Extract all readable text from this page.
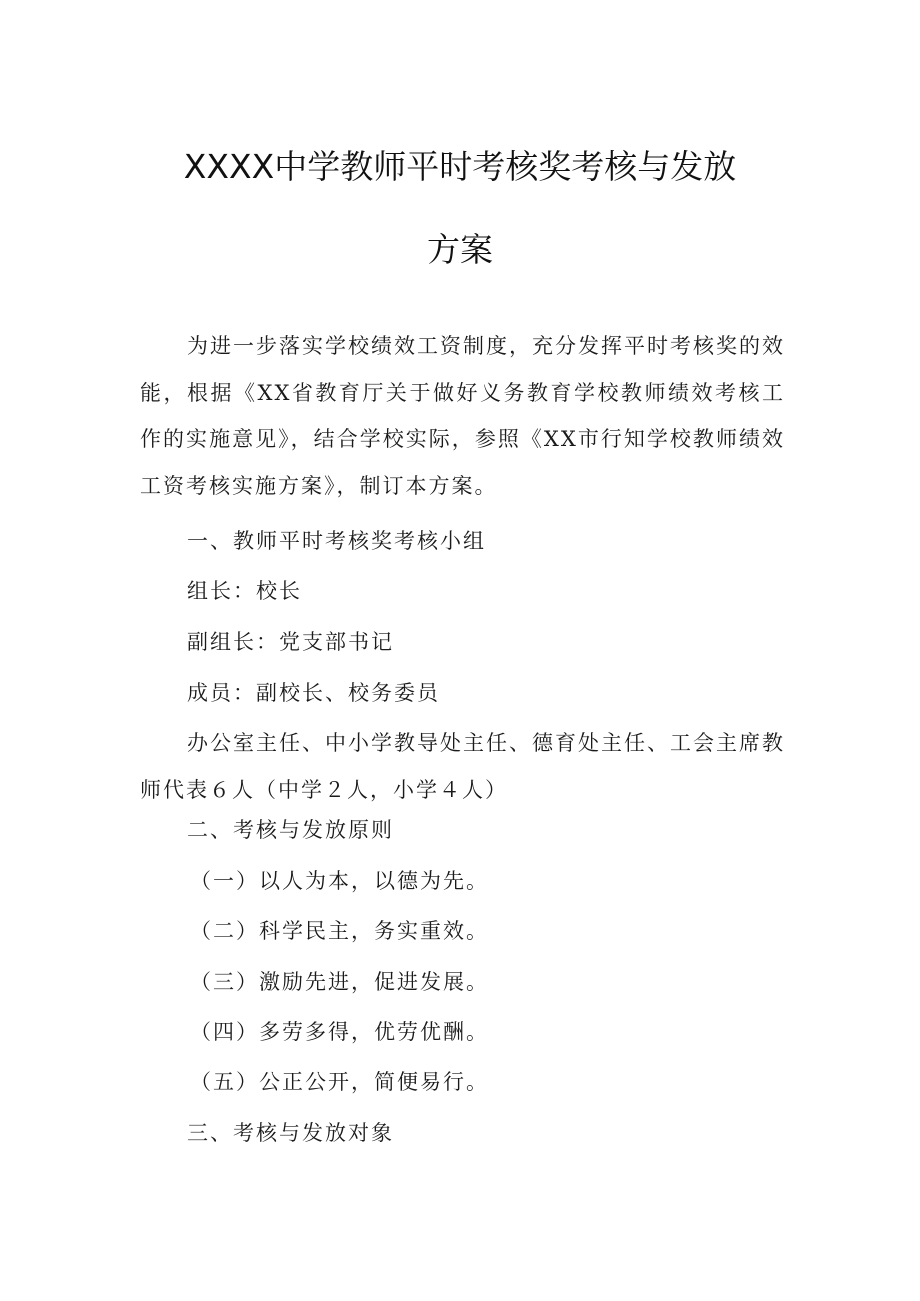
XXXX中学教师平时考核奖考核与发放
方案

为进一步落实学校绩效工资制度，充分发挥平时考核奖的效能，根据《XX省教育厅关于做好义务教育学校教师绩效考核工作的实施意见》，结合学校实际，参照《XX市行知学校教师绩效工资考核实施方案》，制订本方案。

一、教师平时考核奖考核小组

组长：校长

副组长：党支部书记

成员：副校长、校务委员

办公室主任、中小学教导处主任、德育处主任、工会主席教师代表６人（中学２人，小学４人）

二、考核与发放原则

（一）以人为本，以德为先。

（二）科学民主，务实重效。

（三）激励先进，促进发展。

（四）多劳多得，优劳优酬。

（五）公正公开，简便易行。

三、考核与发放对象
